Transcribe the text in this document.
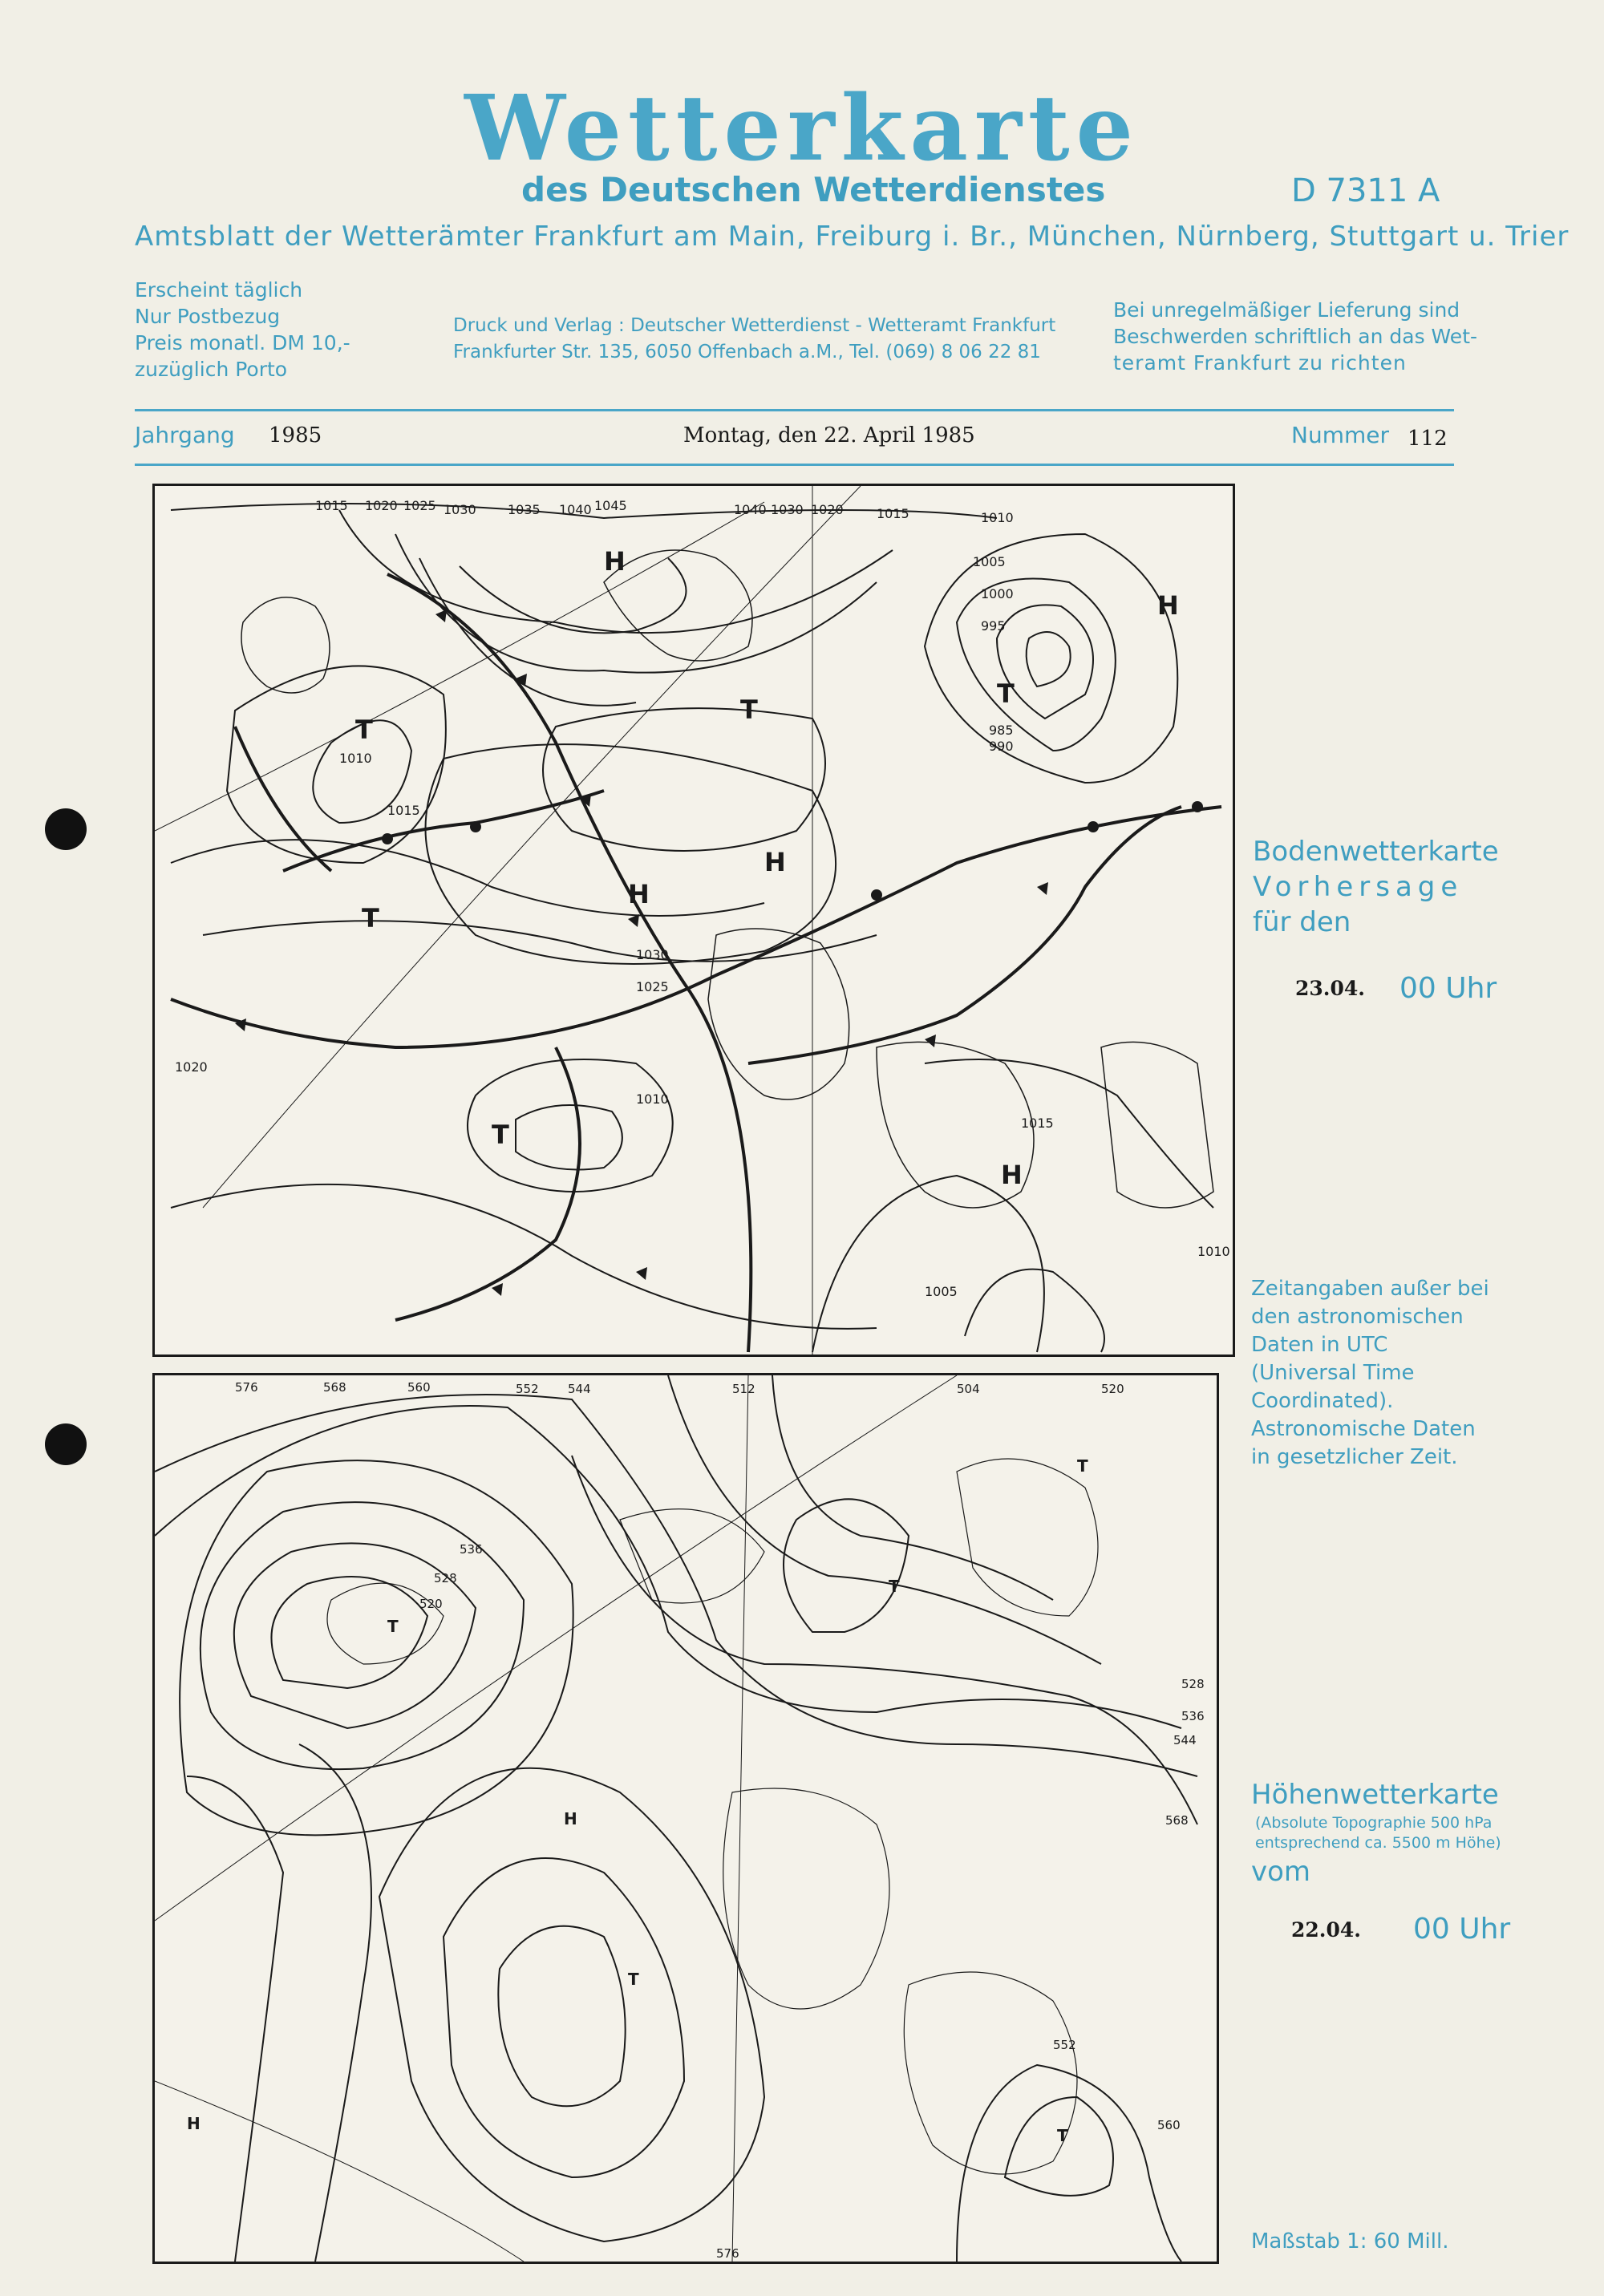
Wetterkarte
des Deutschen Wetterdienstes	D 7311 A
Amtsblatt der Wetterämter Frankfurt am Main, Freiburg i. Br., München, Nürnberg, Stuttgart u. Trier
Erscheint täglich
Nur Postbezug
Preis monatl. DM 10,-
zuzüglich Porto
Druck und Verlag : Deutscher Wetterdienst - Wetteramt Frankfurt
Frankfurter Str. 135, 6050 Offenbach a.M., Tel. (069) 8 06 22 81
Bei unregelmäßiger Lieferung sind
Beschwerden schriftlich an das Wet-
teramt Frankfurt zu richten
Jahrgang 1985	Montag, den 22. April 1985	Nummer 112
1015 1020 1025 1030 1035 1040 1045	1040 1030 1020	1015	1010
1005
1000
995
990
985
1010
1015
1020
1025
1030
1010
1005
1015
1010
H
T
H
T
T
H
H
T
H
T
Bodenwetterkarte
Vorhersage
für den
23.04. 00 Uhr
Zeitangaben außer bei
den astronomischen
Daten in UTC
(Universal Time
Coordinated).
Astronomische Daten
in gesetzlicher Zeit.
576	568	560	552 544
536
528
520
512	504	520
528
536
544
552
560
568
576
T
T
T
H
T
H
T
Höhenwetterkarte
(Absolute Topographie 500 hPa
entsprechend ca. 5500 m Höhe)
vom
22.04. 00 Uhr
Maßstab 1: 60 Mill.
